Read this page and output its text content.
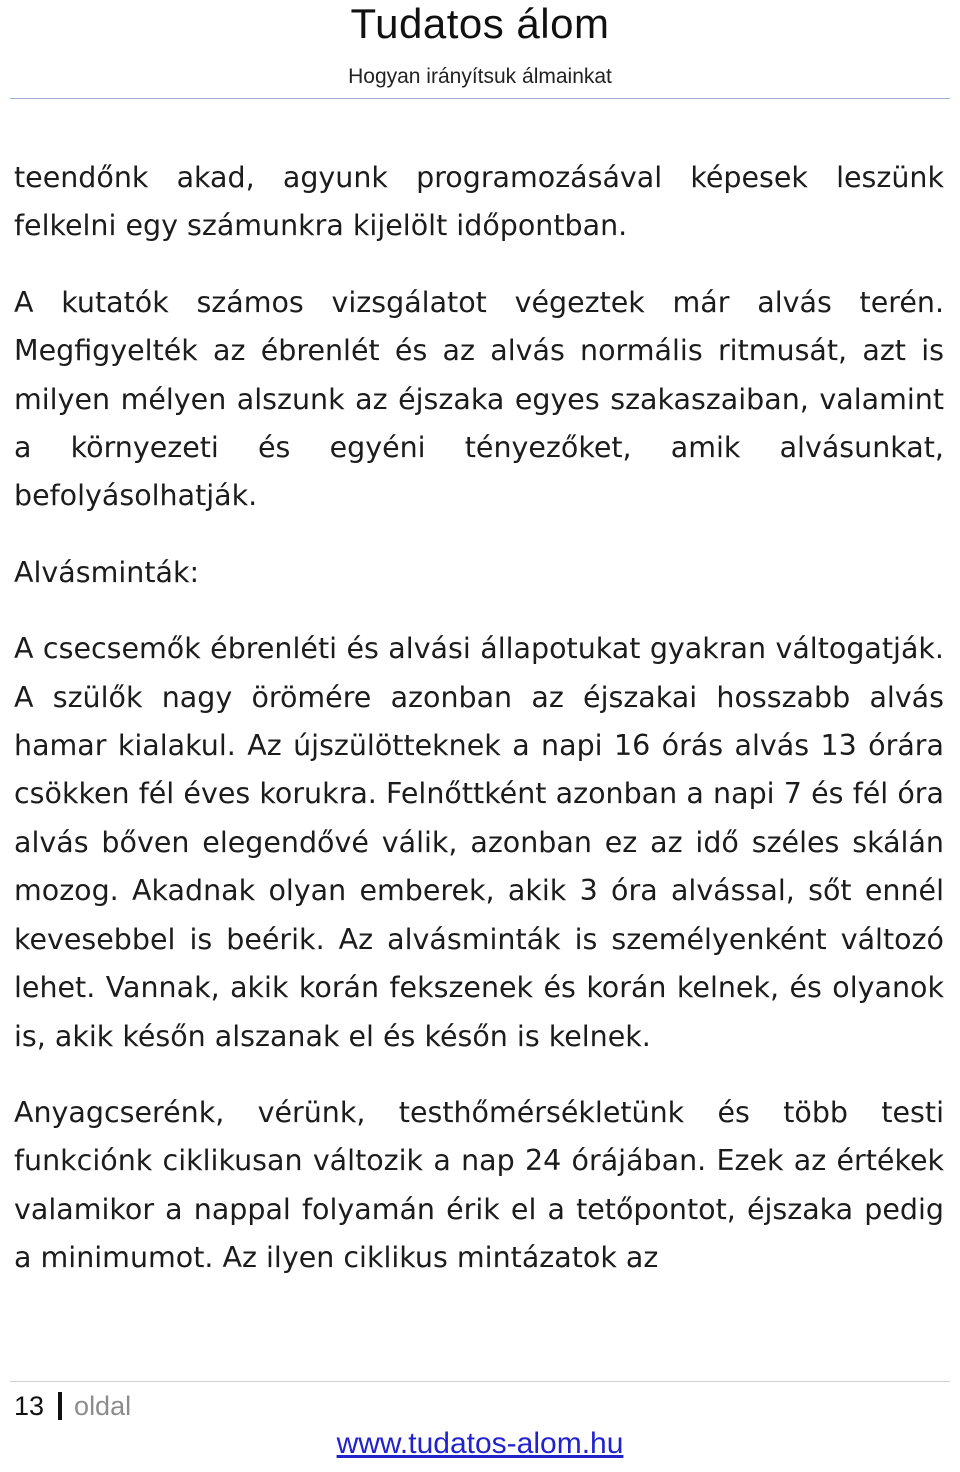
Tudatos álom
Hogyan irányítsuk álmainkat

teendőnk akad, agyunk programozásával képesek leszünk felkelni egy számunkra kijelölt időpontban.

A kutatók számos vizsgálatot végeztek már alvás terén. Megfigyelték az ébrenlét és az alvás normális ritmusát, azt is milyen mélyen alszunk az éjszaka egyes szakaszaiban, valamint a környezeti és egyéni tényezőket, amik alvásunkat, befolyásolhatják.

Alvásminták:

A csecsemők ébrenléti és alvási állapotukat gyakran váltogatják. A szülők nagy örömére azonban az éjszakai hosszabb alvás hamar kialakul. Az újszülötteknek a napi 16 órás alvás 13 órára csökken fél éves korukra. Felnőttként azonban a napi 7 és fél óra alvás bőven elegendővé válik, azonban ez az idő széles skálán mozog. Akadnak olyan emberek, akik 3 óra alvással, sőt ennél kevesebbel is beérik. Az alvásminták is személyenként változó lehet. Vannak, akik korán fekszenek és korán kelnek, és olyanok is, akik későn alszanak el és későn is kelnek.

Anyagcserénk, vérünk, testhőmérsékletünk és több testi funkciónk ciklikusan változik a nap 24 órájában. Ezek az értékek valamikor a nappal folyamán érik el a tetőpontot, éjszaka pedig a minimumot. Az ilyen ciklikus mintázatok az

13 oldal
www.tudatos-alom.hu
